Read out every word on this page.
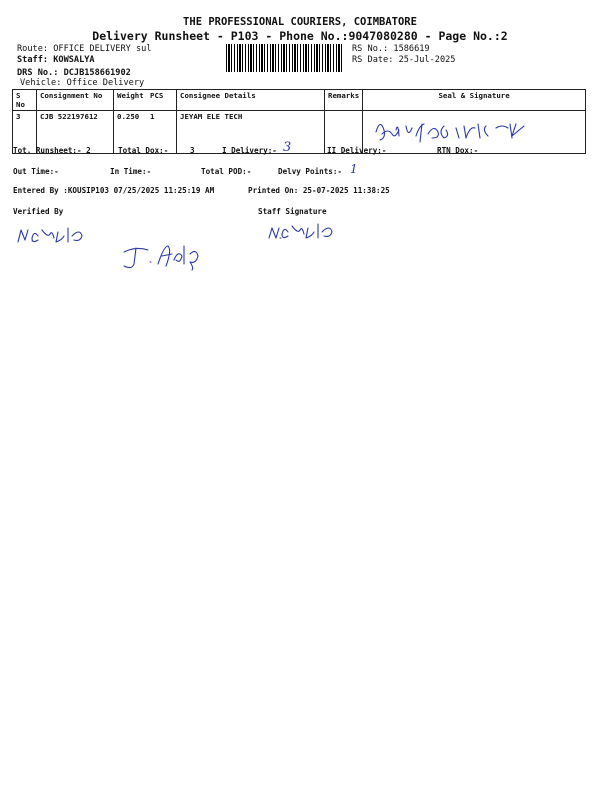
THE PROFESSIONAL COURIERS, COIMBATORE
Delivery Runsheet - P103 - Phone No.:9047080280 - Page No.:2
Route: OFFICE DELIVERY sul
Staff: KOWSALYA
DRS No.: DCJB158661902
Vehicle: Office Delivery
RS No.: 1586619
RS Date: 25-Jul-2025
S No	Consignment No	Weight	PCS	Consignee Details	Remarks	Seal & Signature
3	CJB 522197612	0.250	1	JEYAM ELE TECH		
Tot. Runsheet:- 2	Total Dox:-	3	I Delivery:- 3	II Delivery:-	RTN Dox:-
Out Time:-	In Time:-	Total POD:-	Delvy Points:- 1
Entered By :KOUSIP103 07/25/2025 11:25:19 AM	Printed On: 25-07-2025 11:38:25
Verified By	Staff Signature
